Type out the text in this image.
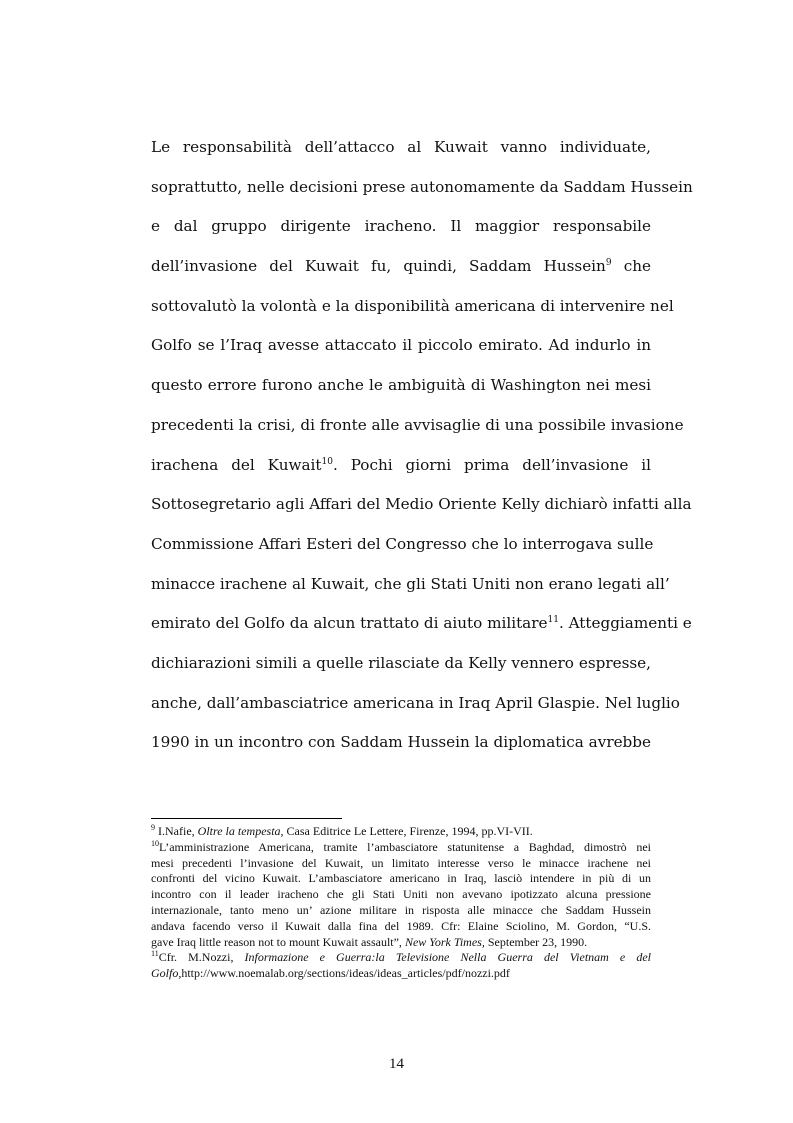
Le responsabilità dell’attacco al Kuwait vanno individuate,
soprattutto, nelle decisioni prese autonomamente da Saddam Hussein
e dal gruppo dirigente iracheno. Il maggior responsabile
dell’invasione del Kuwait fu, quindi, Saddam Hussein$^9$ che
sottovalutò la volontà e la disponibilità americana di intervenire nel
Golfo se l’Iraq avesse attaccato il piccolo emirato. Ad indurlo in
questo errore furono anche le ambiguità di Washington nei mesi
precedenti la crisi, di fronte alle avvisaglie di una possibile invasione
irachena del Kuwait$^{10}$. Pochi giorni prima dell’invasione il
Sottosegretario agli Affari del Medio Oriente Kelly dichiarò infatti alla
Commissione Affari Esteri del Congresso che lo interrogava sulle
minacce irachene al Kuwait, che gli Stati Uniti non erano legati all’
emirato del Golfo da alcun trattato di aiuto militare$^{11}$. Atteggiamenti e
dichiarazioni simili a quelle rilasciate da Kelly vennero espresse,
anche, dall’ambasciatrice americana in Iraq April Glaspie. Nel luglio
1990 in un incontro con Saddam Hussein la diplomatica avrebbe
$^9$ I.Nafie, Oltre la tempesta, Casa Editrice Le Lettere, Firenze, 1994, pp.VI-VII.
$^{10}$L’amministrazione Americana, tramite l’ambasciatore statunitense a Baghdad, dimostrò nei
mesi precedenti l’invasione del Kuwait, un limitato interesse verso le minacce irachene nei
confronti del vicino Kuwait. L’ambasciatore americano in Iraq, lasciò intendere in più di un
incontro con il leader iracheno che gli Stati Uniti non avevano ipotizzato alcuna pressione
internazionale, tanto meno un’ azione militare in risposta alle minacce che Saddam Hussein
andava facendo verso il Kuwait dalla fina del 1989. Cfr: Elaine Sciolino, M. Gordon, “U.S.
gave Iraq little reason not to mount Kuwait assault”, New York Times, September 23, 1990.
$^{11}$Cfr. M.Nozzi, Informazione e Guerra:la Televisione Nella Guerra del Vietnam e del
Golfo,http://www.noemalab.org/sections/ideas/ideas_articles/pdf/nozzi.pdf
14
